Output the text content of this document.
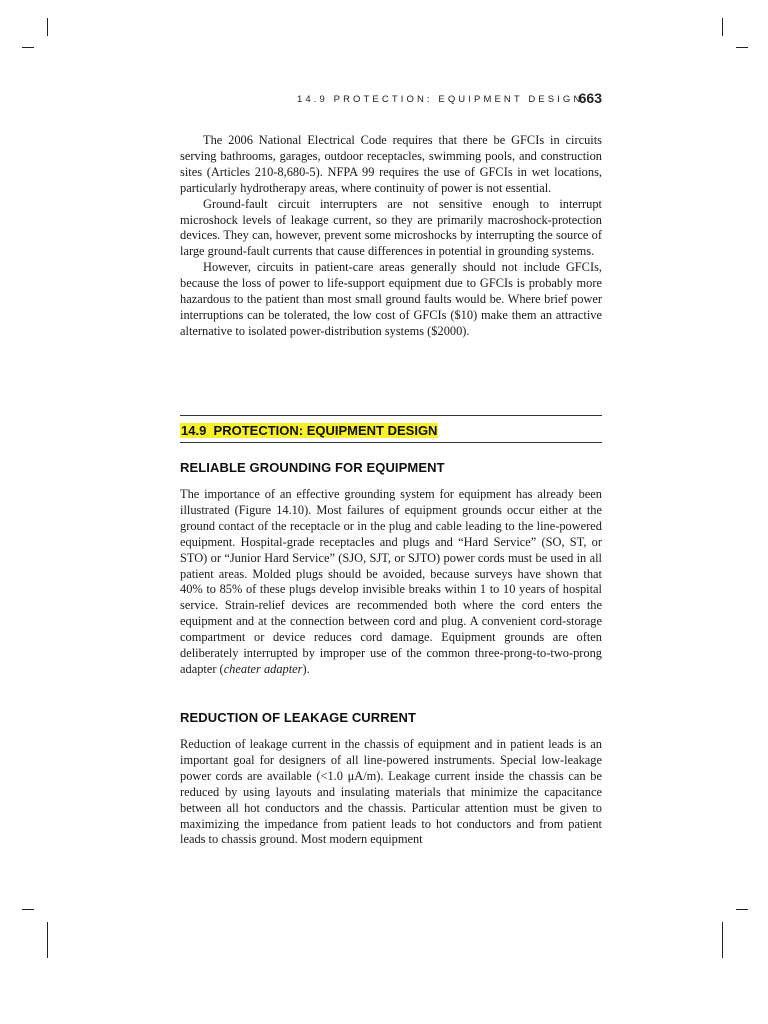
14.9 PROTECTION: EQUIPMENT DESIGN
663

The 2006 National Electrical Code requires that there be GFCIs in circuits serving bathrooms, garages, outdoor receptacles, swimming pools, and construction sites (Articles 210-8,680-5). NFPA 99 requires the use of GFCIs in wet locations, particularly hydrotherapy areas, where continuity of power is not essential.

Ground-fault circuit interrupters are not sensitive enough to interrupt microshock levels of leakage current, so they are primarily macroshock-protection devices. They can, however, prevent some microshocks by interrupting the source of large ground-fault currents that cause differences in potential in grounding systems.

However, circuits in patient-care areas generally should not include GFCIs, because the loss of power to life-support equipment due to GFCIs is probably more hazardous to the patient than most small ground faults would be. Where brief power interruptions can be tolerated, the low cost of GFCIs ($10) make them an attractive alternative to isolated power-distribution systems ($2000).

14.9 PROTECTION: EQUIPMENT DESIGN
RELIABLE GROUNDING FOR EQUIPMENT

The importance of an effective grounding system for equipment has already been illustrated (Figure 14.10). Most failures of equipment grounds occur either at the ground contact of the receptacle or in the plug and cable leading to the line-powered equipment. Hospital-grade receptacles and plugs and “Hard Service” (SO, ST, or STO) or “Junior Hard Service” (SJO, SJT, or SJTO) power cords must be used in all patient areas. Molded plugs should be avoided, because surveys have shown that 40% to 85% of these plugs develop invisible breaks within 1 to 10 years of hospital service. Strain-relief devices are recommended both where the cord enters the equipment and at the connection between cord and plug. A convenient cord-storage compartment or device reduces cord damage. Equipment grounds are often deliberately interrupted by improper use of the common three-prong-to-two-prong adapter (cheater adapter).

REDUCTION OF LEAKAGE CURRENT

Reduction of leakage current in the chassis of equipment and in patient leads is an important goal for designers of all line-powered instruments. Special low-leakage power cords are available (<1.0 μA/m). Leakage current inside the chassis can be reduced by using layouts and insulating materials that minimize the capacitance between all hot conductors and the chassis. Particular attention must be given to maximizing the impedance from patient leads to hot conductors and from patient leads to chassis ground. Most modern equipment
